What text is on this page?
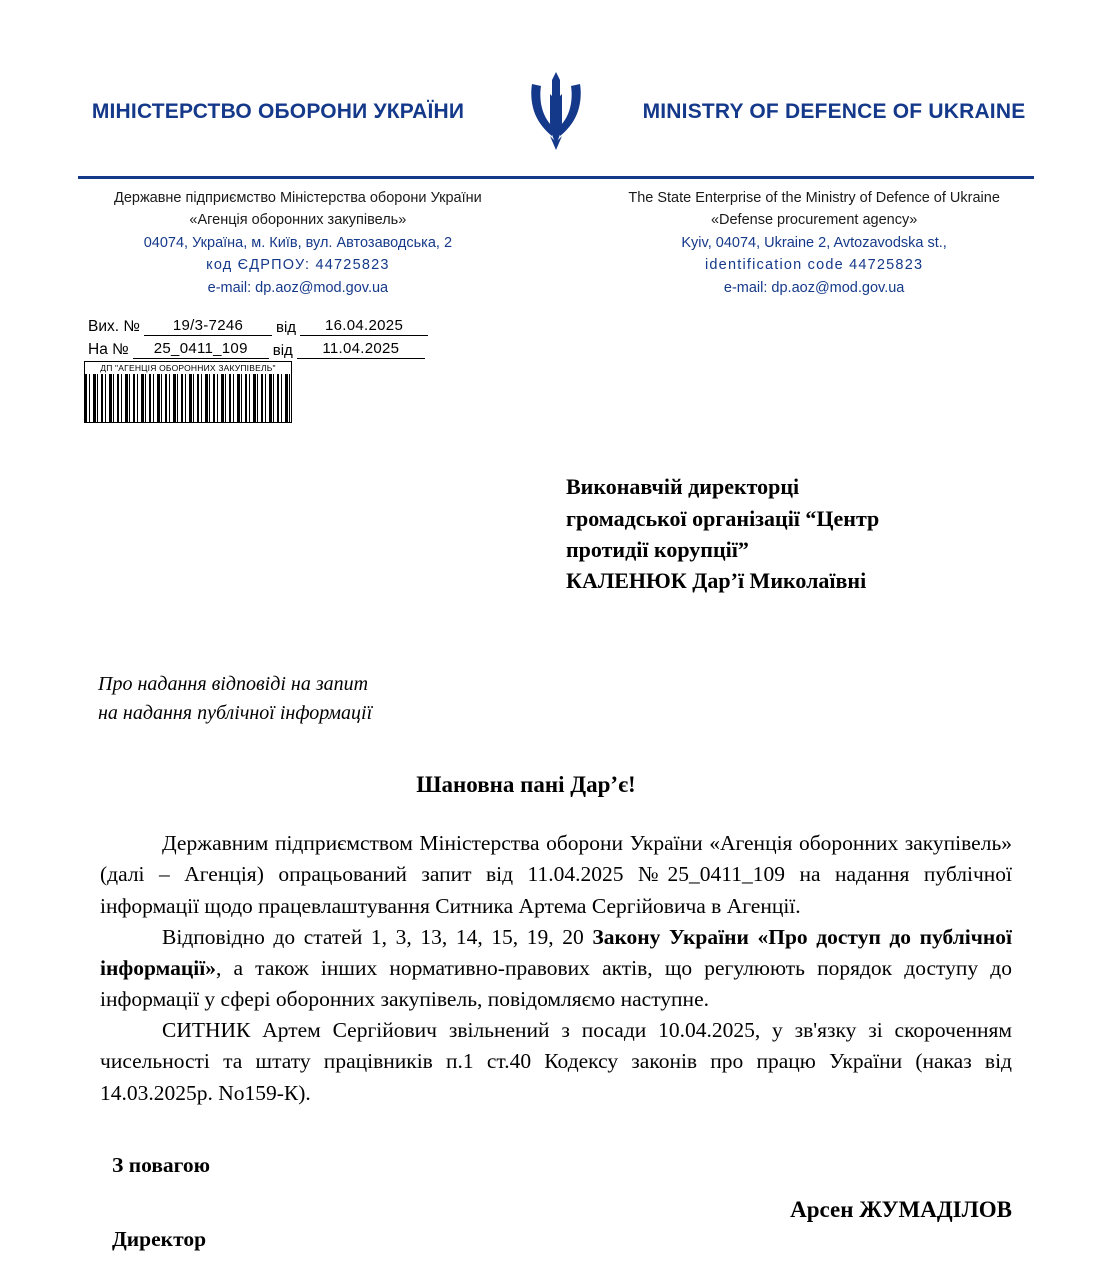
МІНІСТЕРСТВО ОБОРОНИ УКРАЇНИ	MINISTRY OF DEFENCE OF UKRAINE
Державне підприємство Міністерства оборони України
«Агенція оборонних закупівель»
04074, Україна, м. Київ, вул. Автозаводська, 2
код ЄДРПОУ: 44725823
e-mail: dp.aoz@mod.gov.ua
The State Enterprise of the Ministry of Defence of Ukraine
«Defense procurement agency»
Kyiv, 04074, Ukraine 2, Avtozavodska st.,
identification code 44725823
e-mail: dp.aoz@mod.gov.ua
Вих. №	19/3-7246	від	16.04.2025
На №	25_0411_109	від	11.04.2025
ДП "АГЕНЦІЯ ОБОРОННИХ ЗАКУПІВЕЛЬ"
Виконавчій директорці
громадської організації “Центр
протидії корупції”
КАЛЕНЮК Дар’ї Миколаївні
Про надання відповіді на запит
на надання публічної інформації
Шановна пані Дар’є!

Державним підприємством Міністерства оборони України «Агенція оборонних закупівель» (далі – Агенція) опрацьований запит від 11.04.2025 №25_0411_109 на надання публічної інформації щодо працевлаштування Ситника Артема Сергійовича в Агенції.

Відповідно до статей 1, 3, 13, 14, 15, 19, 20 Закону України «Про доступ до публічної інформації», а також інших нормативно-правових актів, що регулюють порядок доступу до інформації у сфері оборонних закупівель, повідомляємо наступне.

СИТНИК Артем Сергійович звільнений з посади 10.04.2025, у зв'язку зі скороченням чисельності та штату працівників п.1 ст.40 Кодексу законів про працю України (наказ від 14.03.2025р. No159-К).

З повагою
Арсен ЖУМАДІЛОВ
Директор
